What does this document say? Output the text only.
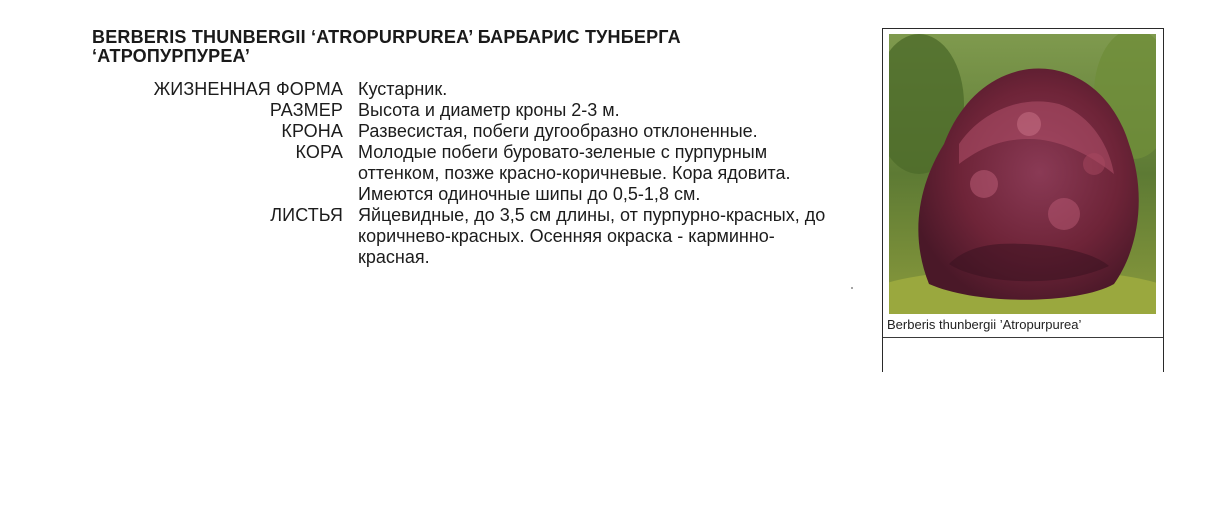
BERBERIS THUNBERGII ‘ATROPURPUREA’ БАРБАРИС ТУНБЕРГА ‘АТРОПУРПУРЕА’
ЖИЗНЕННАЯ ФОРМА Кустарник.
РАЗМЕР Высота и диаметр кроны 2-3 м.
КРОНА Развесистая, побеги дугообразно отклоненные.
КОРА Молодые побеги буровато-зеленые с пурпурным оттенком, позже красно-коричневые. Кора ядовита. Имеются одиночные шипы до 0,5-1,8 см.
ЛИСТЬЯ Яйцевидные, до 3,5 см длины, от пурпурно-красных, до коричнево-красных. Осенняя окраска - карминно-красная.
Berberis thunbergii ’Atropurpurea’
